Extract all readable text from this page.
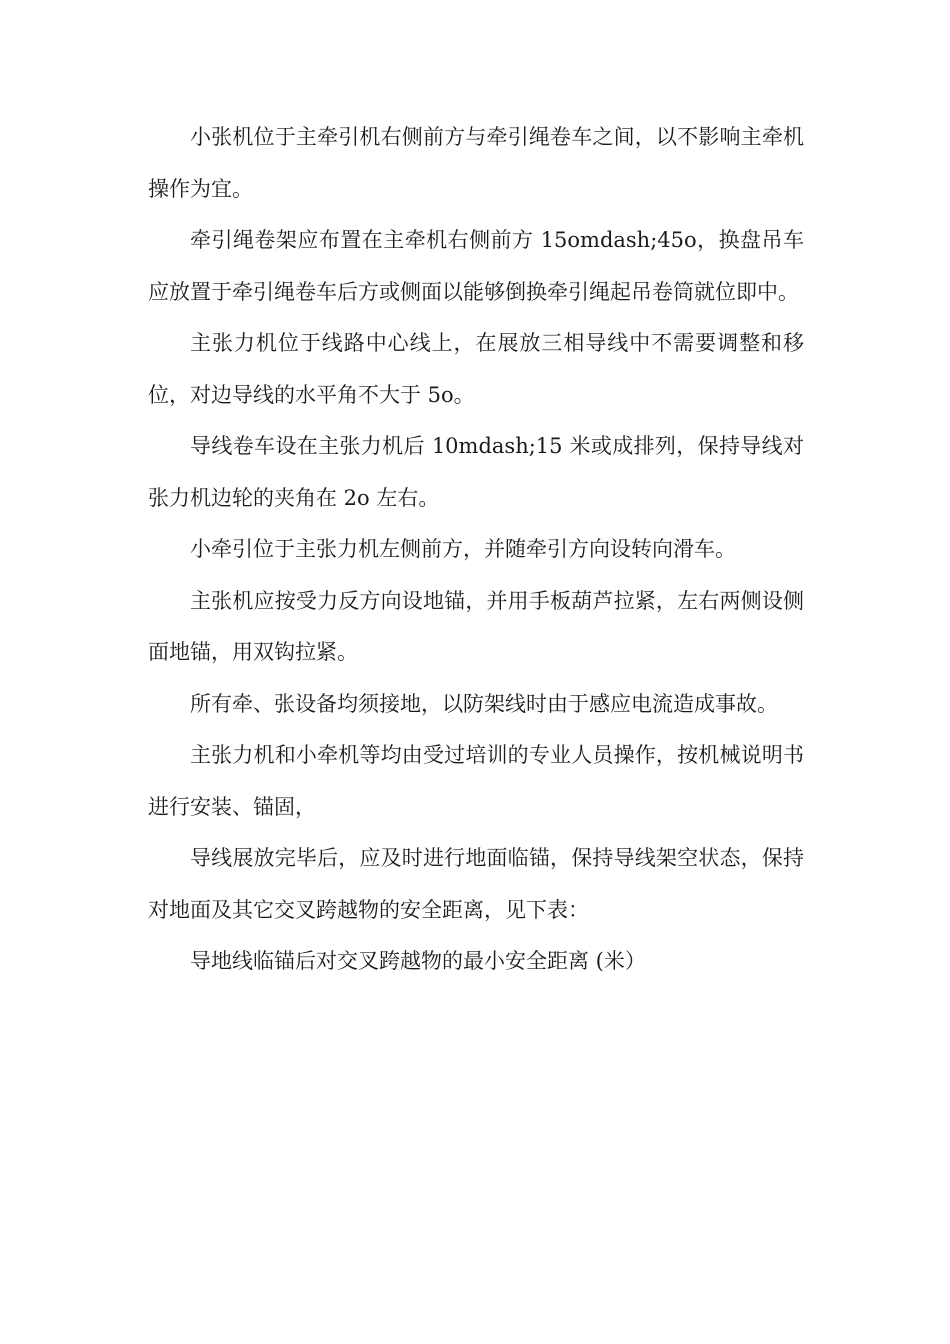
小张机位于主牵引机右侧前方与牵引绳卷车之间，以不影响主牵机操作为宜。

牵引绳卷架应布置在主牵机右侧前方 15omdash;45o，换盘吊车应放置于牵引绳卷车后方或侧面以能够倒换牵引绳起吊卷筒就位即中。

主张力机位于线路中心线上，在展放三相导线中不需要调整和移位，对边导线的水平角不大于 5o。

导线卷车设在主张力机后 10mdash;15 米或成排列，保持导线对张力机边轮的夹角在 2o 左右。

小牵引位于主张力机左侧前方，并随牵引方向设转向滑车。

主张机应按受力反方向设地锚，并用手板葫芦拉紧，左右两侧设侧面地锚，用双钩拉紧。

所有牵、张设备均须接地，以防架线时由于感应电流造成事故。

主张力机和小牵机等均由受过培训的专业人员操作，按机械说明书进行安装、锚固，

导线展放完毕后，应及时进行地面临锚，保持导线架空状态，保持对地面及其它交叉跨越物的安全距离，见下表：

导地线临锚后对交叉跨越物的最小安全距离 (米）
